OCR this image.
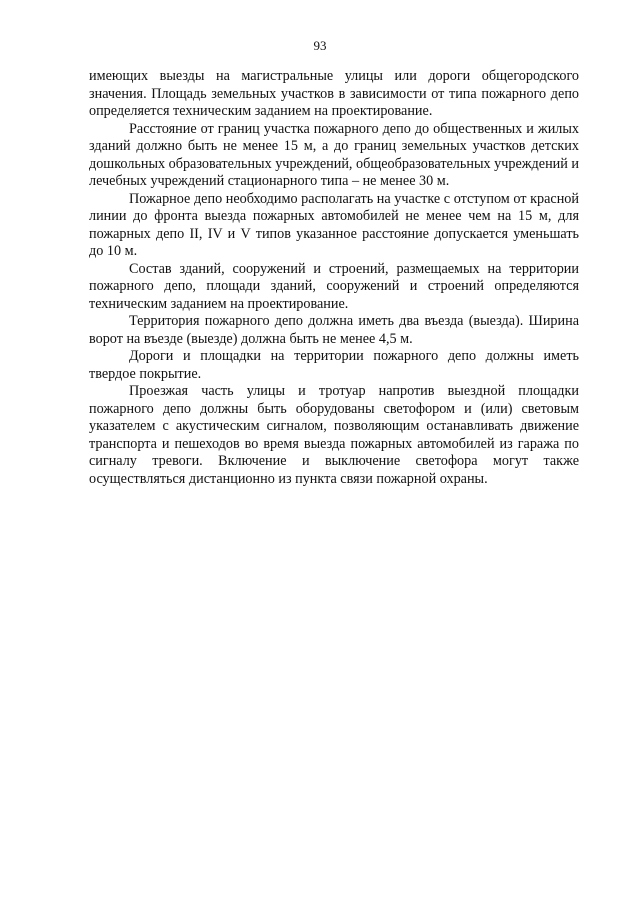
93

имеющих выезды на магистральные улицы или дороги общегородского значения. Площадь земельных участков в зависимости от типа пожарного депо определяется техническим заданием на проектирование.

Расстояние от границ участка пожарного депо до общественных и жилых зданий должно быть не менее 15 м, а до границ земельных участков детских дошкольных образовательных учреждений, общеобразовательных учреждений и лечебных учреждений стационарного типа – не менее 30 м.

Пожарное депо необходимо располагать на участке с отступом от красной линии до фронта выезда пожарных автомобилей не менее чем на 15 м, для пожарных депо II, IV и V типов указанное расстояние допускается уменьшать до 10 м.

Состав зданий, сооружений и строений, размещаемых на территории пожарного депо, площади зданий, сооружений и строений определяются техническим заданием на проектирование.

Территория пожарного депо должна иметь два въезда (выезда). Ширина ворот на въезде (выезде) должна быть не менее 4,5 м.

Дороги и площадки на территории пожарного депо должны иметь твердое покрытие.

Проезжая часть улицы и тротуар напротив выездной площадки пожарного депо должны быть оборудованы светофором и (или) световым указателем с акустическим сигналом, позволяющим останавливать движение транспорта и пешеходов во время выезда пожарных автомобилей из гаража по сигналу тревоги. Включение и выключение светофора могут также осуществляться дистанционно из пункта связи пожарной охраны.
